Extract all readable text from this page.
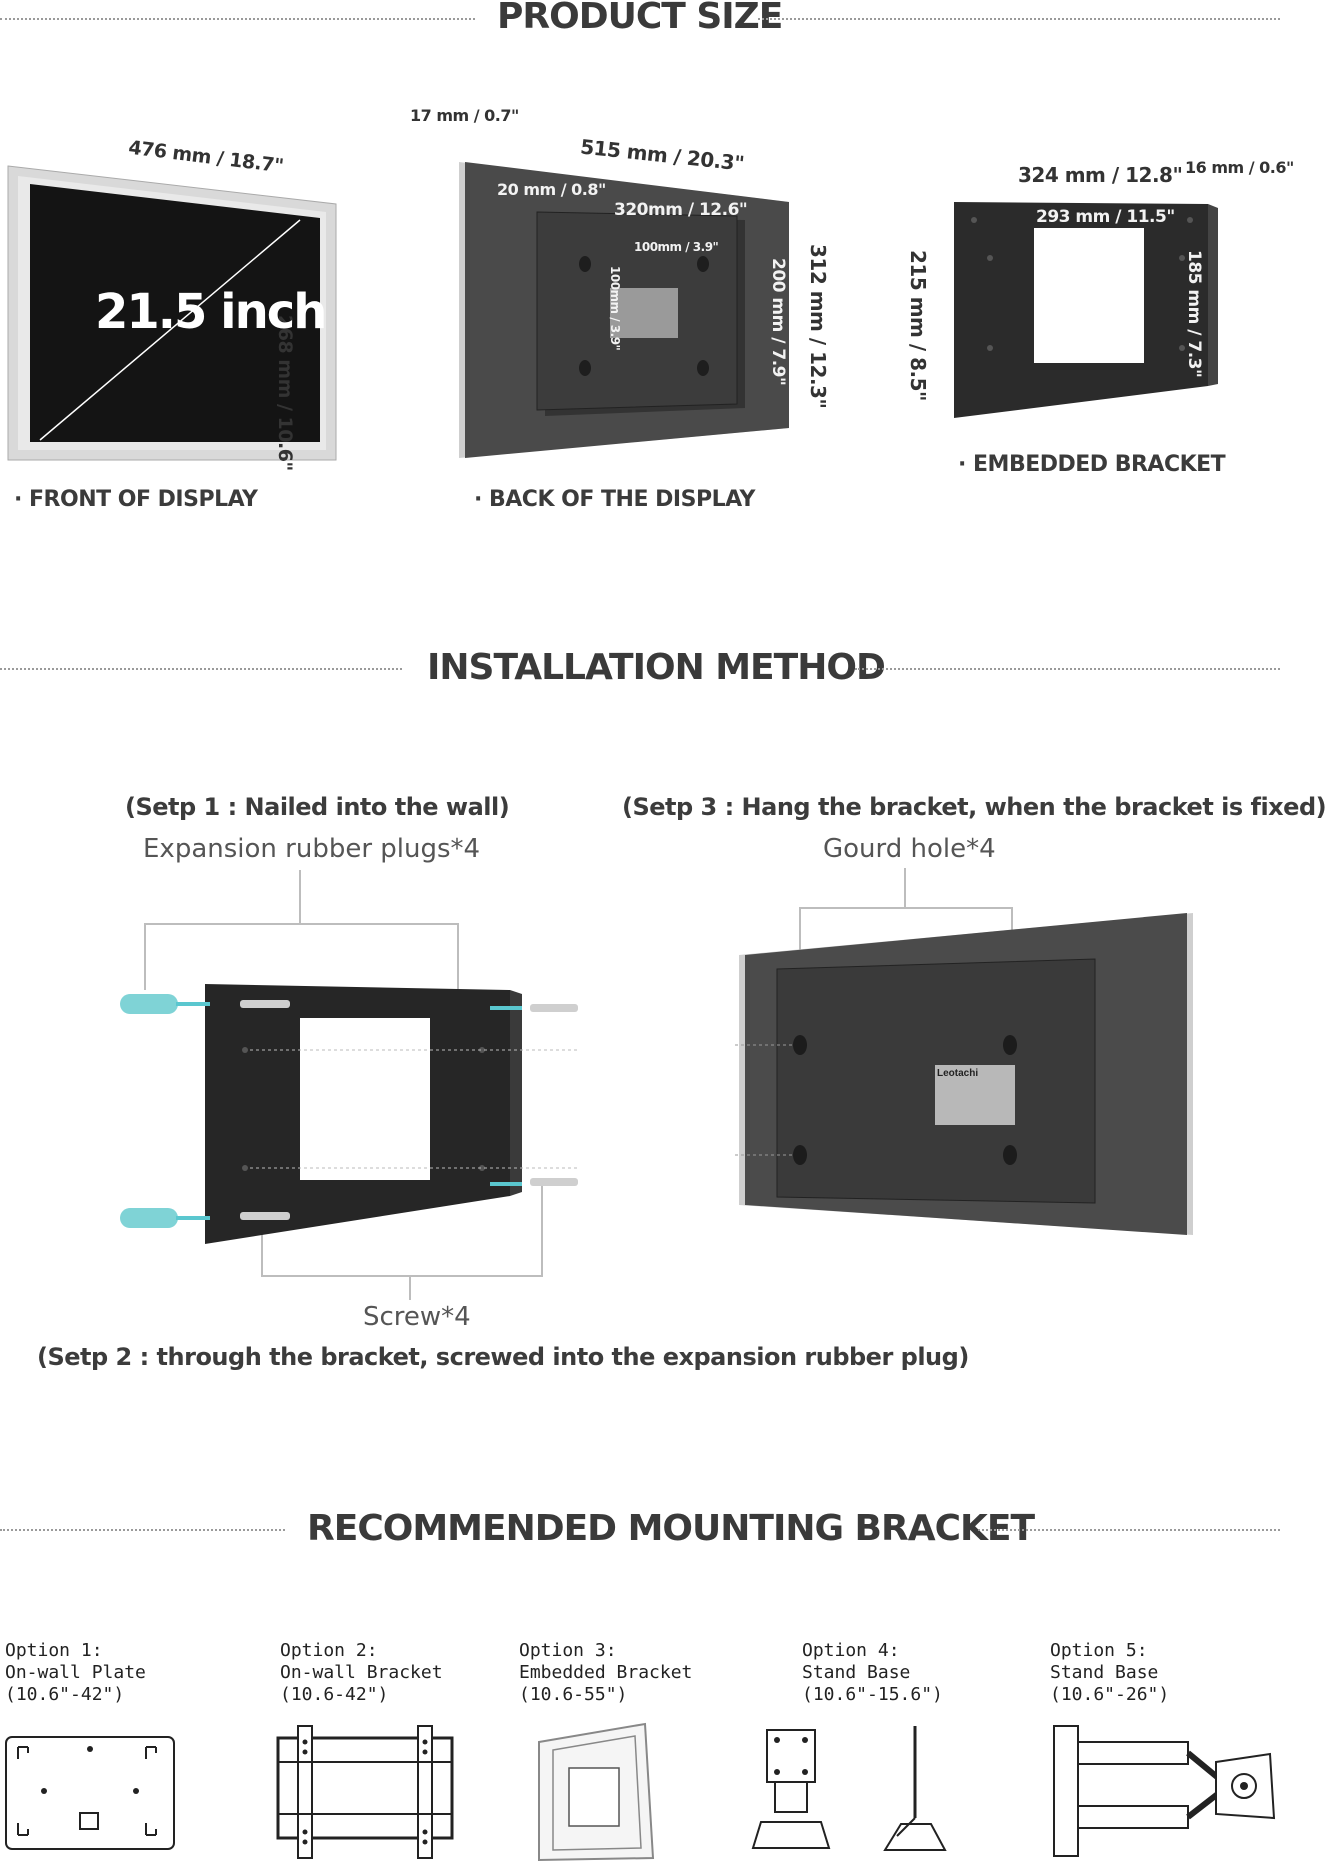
PRODUCT SIZE
476 mm / 18.7"
268 mm / 10.6"
21.5 inch
· FRONT OF DISPLAY
17 mm / 0.7"
515 mm / 20.3"
20 mm / 0.8"
320mm / 12.6"
100mm / 3.9"
100mm / 3.9"	200 mm / 7.9" 312 mm / 12.3"
· BACK OF THE DISPLAY
324 mm / 12.8" 16 mm / 0.6"
293 mm / 11.5"
215 mm / 8.5"	185 mm / 7.3"
· EMBEDDED BRACKET
INSTALLATION METHOD
(Setp 1 : Nailed into the wall)
Expansion rubber plugs*4
(Setp 3 : Hang the bracket, when the bracket is fixed)
Gourd hole*4
Leotachi
Screw*4
(Setp 2 : through the bracket, screwed into the expansion rubber plug)
RECOMMENDED MOUNTING BRACKET
Option 1:
On-wall Plate
(10.6"-42")
Option 2:
On-wall Bracket
(10.6-42")
Option 3:
Embedded Bracket
(10.6-55")
Option 4:
Stand Base
(10.6"-15.6")
Option 5:
Stand Base
(10.6"-26")
